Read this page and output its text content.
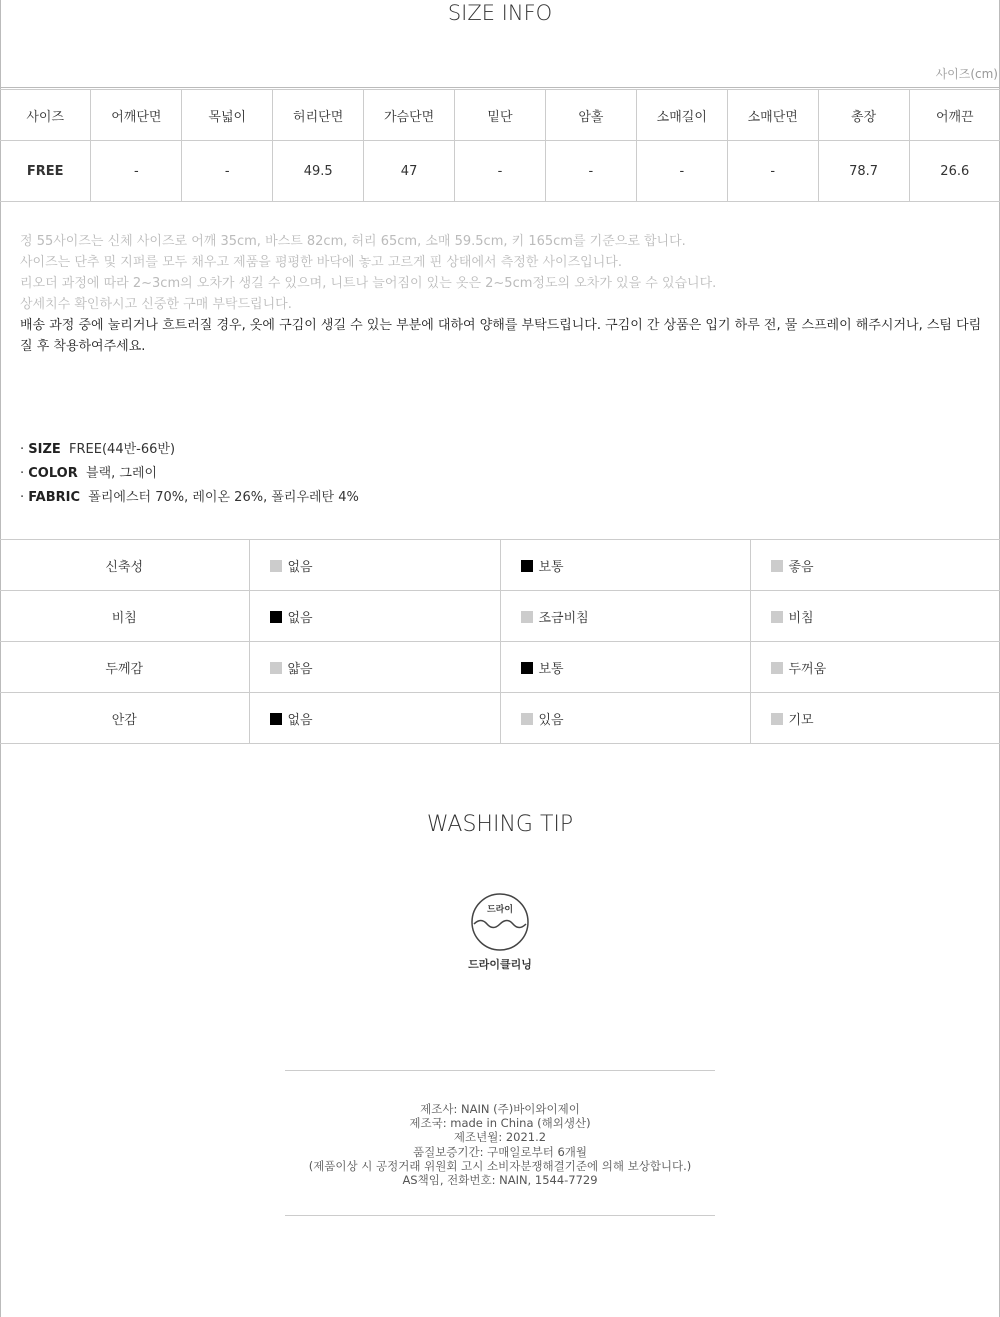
SIZE INFO
사이즈(cm)
사이즈	어깨단면	목넓이	허리단면	가슴단면	밑단	암홀	소매길이	소매단면	총장	어깨끈
FREE	-	-	49.5	47	-	-	-	-	78.7	26.6

정 55사이즈는 신체 사이즈로 어깨 35cm, 바스트 82cm, 허리 65cm, 소매 59.5cm, 키 165cm를 기준으로 합니다.

사이즈는 단추 및 지퍼를 모두 채우고 제품을 평평한 바닥에 놓고 고르게 핀 상태에서 측정한 사이즈입니다.

리오더 과정에 따라 2~3cm의 오차가 생길 수 있으며, 니트나 늘어짐이 있는 옷은 2~5cm정도의 오차가 있을 수 있습니다.

상세치수 확인하시고 신중한 구매 부탁드립니다.

배송 과정 중에 눌리거나 흐트러질 경우, 옷에 구김이 생길 수 있는 부분에 대하여 양해를 부탁드립니다. 구김이 간 상품은 입기 하루 전, 물 스프레이 해주시거나, 스팀 다림질 후 착용하여주세요.

· SIZE FREE(44반-66반)
· COLOR 블랙, 그레이
· FABRIC 폴리에스터 70%, 레이온 26%, 폴리우레탄 4%
신축성	없음	보통	좋음
비침	없음	조금비침	비침
두께감	얇음	보통	두꺼움
안감	없음	있음	기모
WASHING TIP
드라이
드라이클리닝
제조사: NAIN (주)바이와이제이
제조국: made in China (해외생산)
제조년월: 2021.2
품질보증기간: 구매일로부터 6개월
(제품이상 시 공정거래 위원회 고시 소비자분쟁해결기준에 의해 보상합니다.)
AS책임, 전화번호: NAIN, 1544-7729
